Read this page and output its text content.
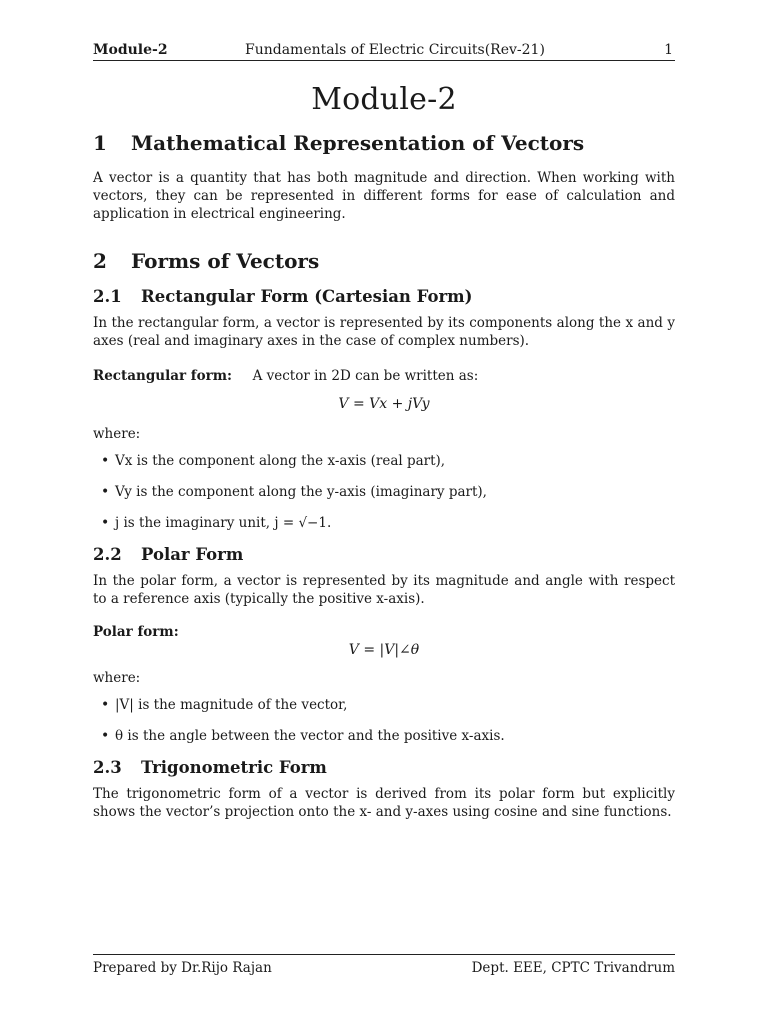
Module-2	Fundamentals of Electric Circuits(Rev-21)	1
Module-2
1	Mathematical Representation of Vectors

A vector is a quantity that has both magnitude and direction. When working with vectors, they can be represented in different forms for ease of calculation and application in electrical engineering.

2	Forms of Vectors
2.1	Rectangular Form (Cartesian Form)

In the rectangular form, a vector is represented by its components along the x and y axes (real and imaginary axes in the case of complex numbers).

Rectangular form: A vector in 2D can be written as:
V = Vx + jVy
where:
• Vx is the component along the x-axis (real part),
• Vy is the component along the y-axis (imaginary part),
• j is the imaginary unit, j = √−1.
2.2	Polar Form

In the polar form, a vector is represented by its magnitude and angle with respect to a reference axis (typically the positive x-axis).

Polar form:
V = |V|∠θ
where:
• |V| is the magnitude of the vector,
• θ is the angle between the vector and the positive x-axis.
2.3	Trigonometric Form

The trigonometric form of a vector is derived from its polar form but explicitly shows the vector’s projection onto the x- and y-axes using cosine and sine functions.

Prepared by Dr.Rijo Rajan	Dept. EEE, CPTC Trivandrum
